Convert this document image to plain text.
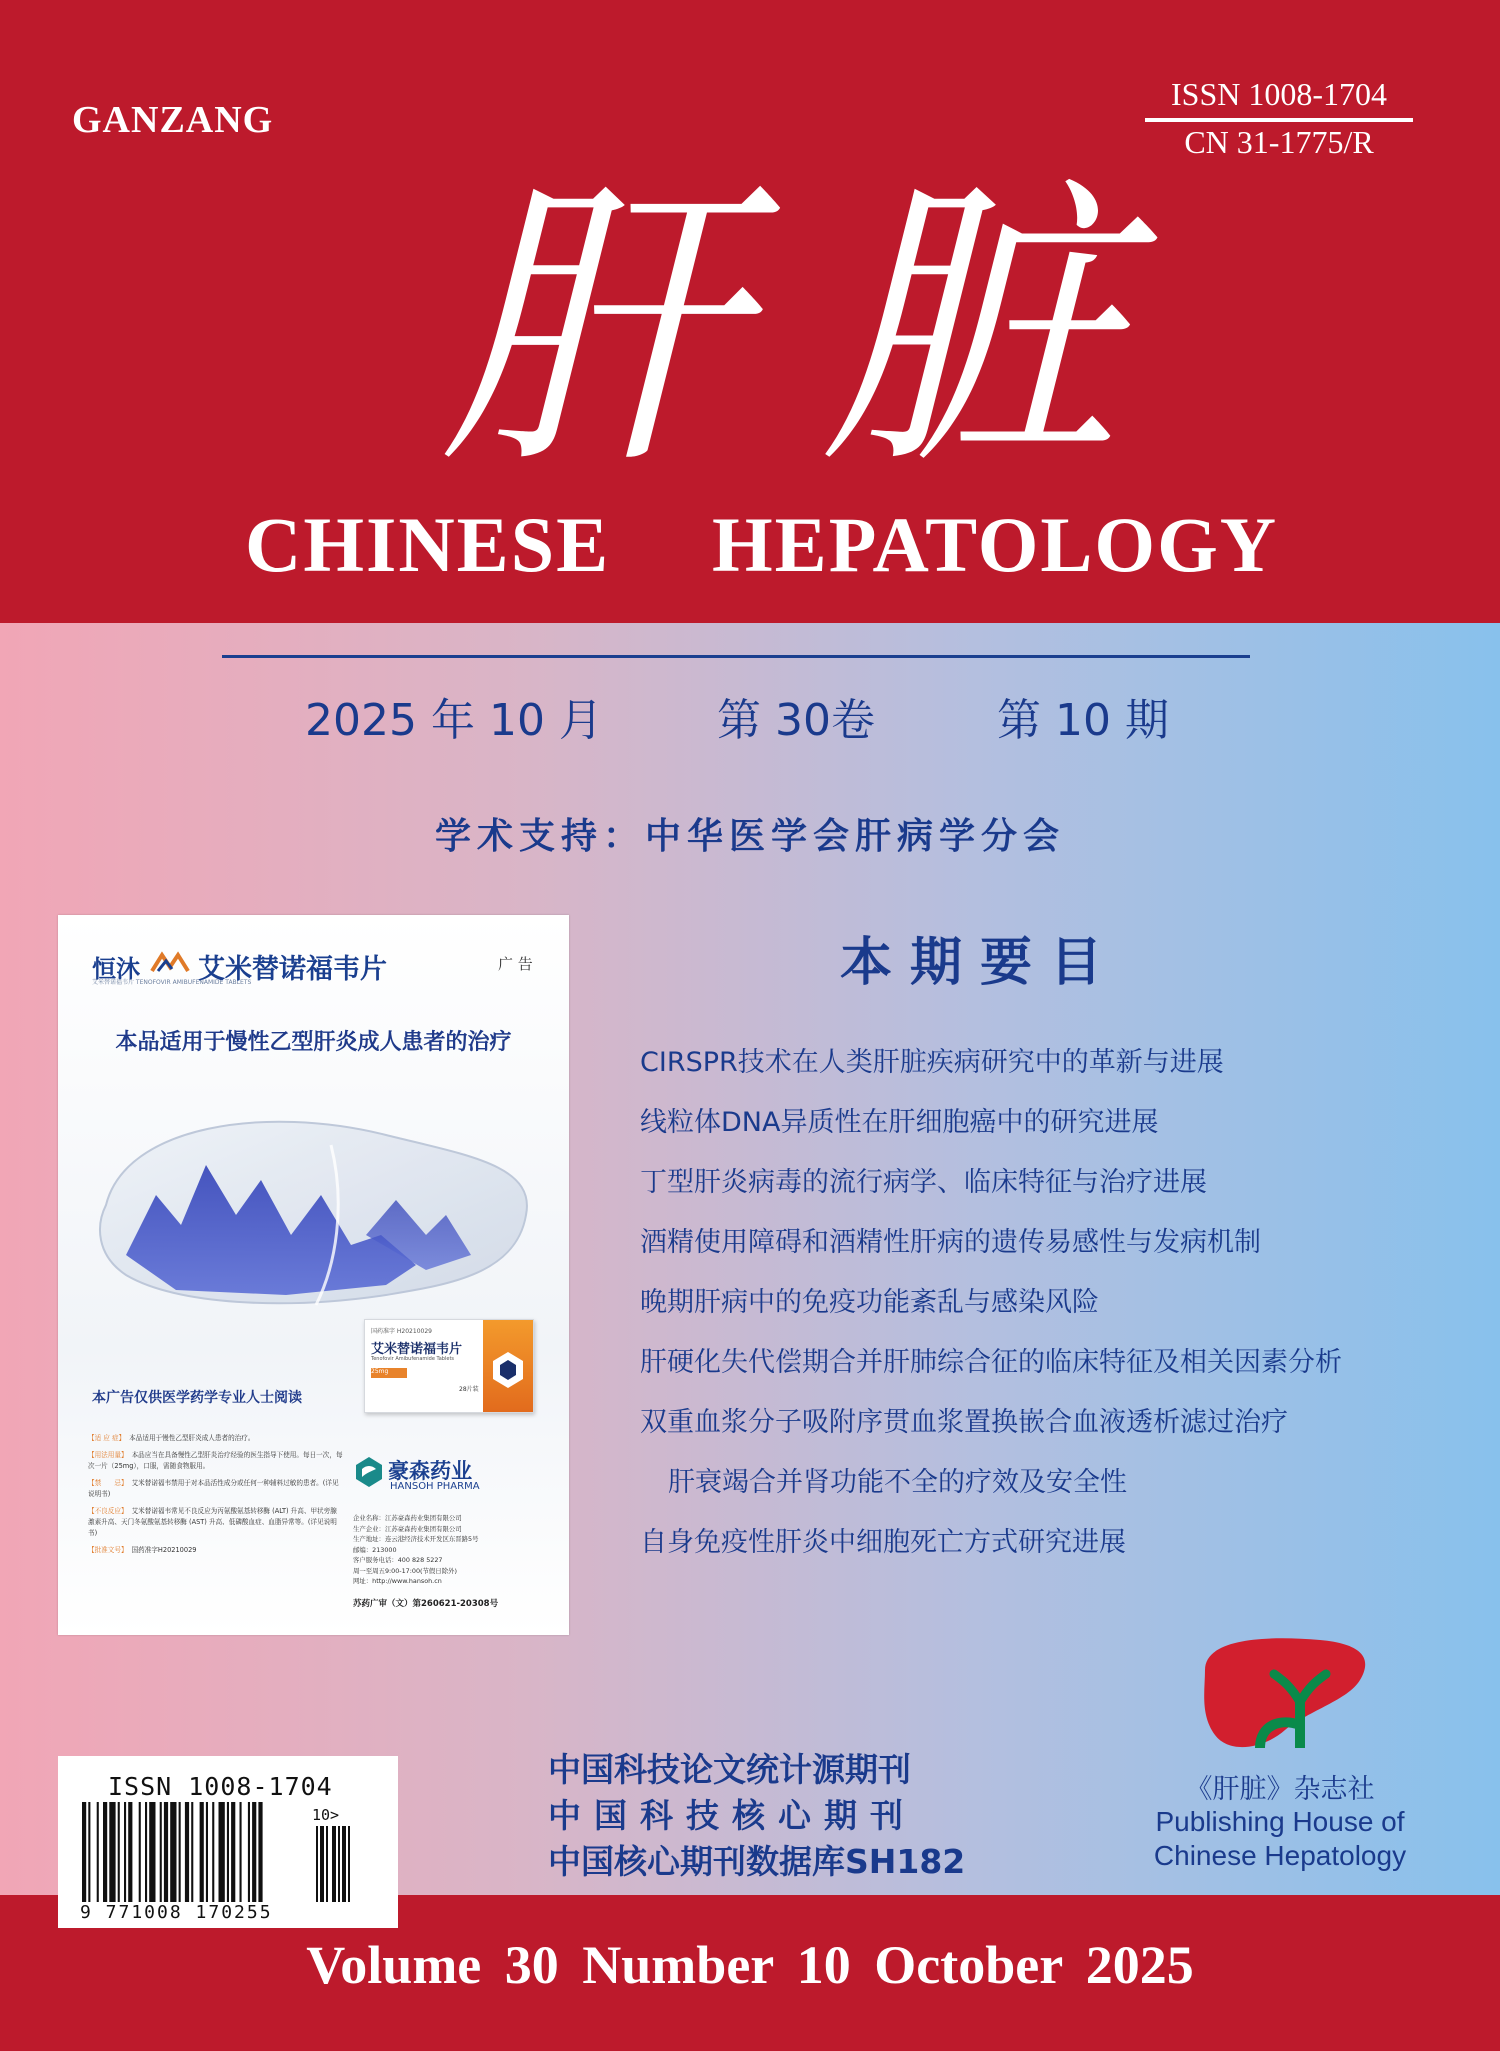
GANZANG
ISSN 1008-1704
CN 31-1775/R
肝 脏
CHINESE HEPATOLOGY
2025 年 10 月	第 30卷	第 10 期
学术支持：中华医学会肝病学分会
恒沐
艾米替诺福韦片 TENOFOVIR AMIBUFENAMIDE TABLETS
艾米替诺福韦片	广 告
本品适用于慢性乙型肝炎成人患者的治疗
国药准字 H20210029
艾米替诺福韦片
Tenofovir Amibufenamide Tablets
25mg
28片装
本广告仅供医学药学专业人士阅读
【适 应 症】 本品适用于慢性乙型肝炎成人患者的治疗。
【用法用量】 本品应当在具备慢性乙型肝炎治疗经验的医生指导下使用。每日一次，每次一片（25mg），口服，需随食物服用。
【禁　　忌】 艾米替诺福韦禁用于对本品活性成分或任何一种辅料过敏的患者。(详见说明书)
【不良反应】 艾米替诺福韦常见不良反应为丙氨酸氨基转移酶 (ALT) 升高、甲状旁腺激素升高、天门冬氨酸氨基转移酶 (AST) 升高、低磷酸血症、血脂异常等。(详见说明书)
【批准文号】 国药准字H20210029
豪森药业
HANSOH PHARMA
企业名称：江苏豪森药业集团有限公司
生产企业：江苏豪森药业集团有限公司
生产地址：连云港经济技术开发区东晋路5号
邮编：213000
客户服务电话：400 828 5227
周一至周五9:00-17:00(节假日除外)
网址：http://www.hansoh.cn
苏药广审（文）第260621-20308号
本期要目
CIRSPR技术在人类肝脏疾病研究中的革新与进展
线粒体DNA异质性在肝细胞癌中的研究进展
丁型肝炎病毒的流行病学、临床特征与治疗进展
酒精使用障碍和酒精性肝病的遗传易感性与发病机制
晚期肝病中的免疫功能紊乱与感染风险
肝硬化失代偿期合并肝肺综合征的临床特征及相关因素分析
双重血浆分子吸附序贯血浆置换嵌合血液透析滤过治疗
肝衰竭合并肾功能不全的疗效及安全性
自身免疫性肝炎中细胞死亡方式研究进展
ISSN 1008-1704
10>
9 771008 170255
中国科技论文统计源期刊
中国科技核心期刊
中国核心期刊数据库SH182
《肝脏》杂志社
Publishing House of
Chinese Hepatology
Volume 30 Number 10 October 2025
